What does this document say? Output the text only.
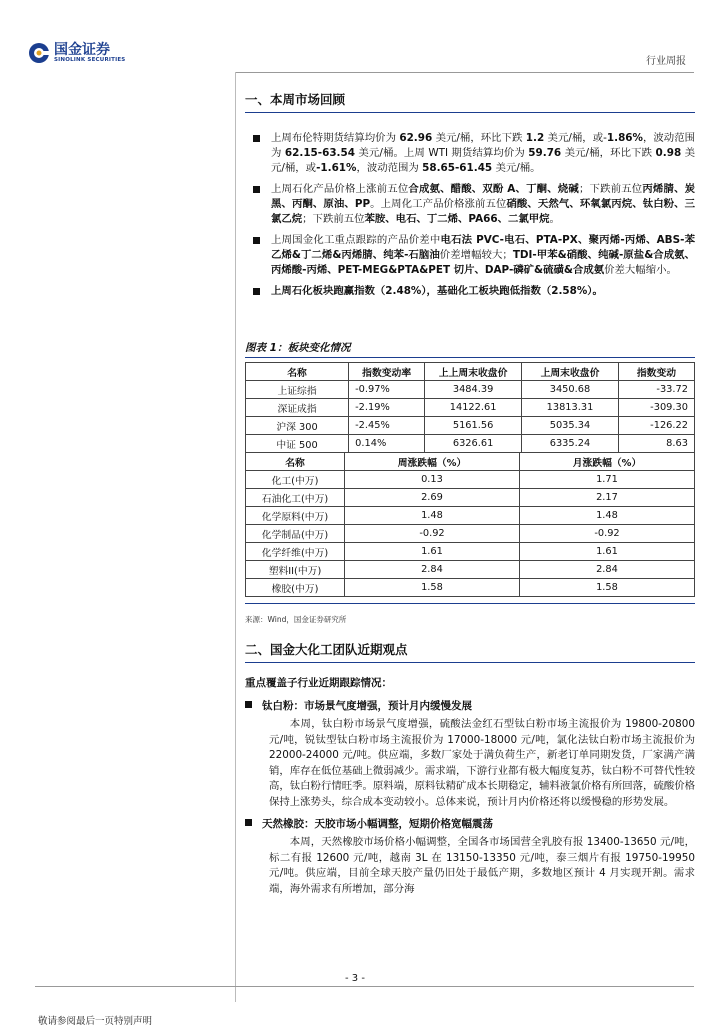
国金证券
SINOLINK SECURITIES	行业周报
一、本周市场回顾
上周布伦特期货结算均价为 62.96 美元/桶，环比下跌 1.2 美元/桶，或-1.86%，波动范围为 62.15-63.54 美元/桶。上周 WTI 期货结算均价为 59.76 美元/桶，环比下跌 0.98 美元/桶，或-1.61%，波动范围为 58.65-61.45 美元/桶。
上周石化产品价格上涨前五位合成氨、醋酸、双酚 A、丁酮、烧碱；下跌前五位丙烯腈、炭黑、丙酮、原油、PP。上周化工产品价格涨前五位硝酸、天然气、环氧氯丙烷、钛白粉、三氯乙烷；下跌前五位苯胺、电石、丁二烯、PA66、二氯甲烷。
上周国金化工重点跟踪的产品价差中电石法 PVC-电石、PTA-PX、聚丙烯-丙烯、ABS-苯乙烯&丁二烯&丙烯腈、纯苯-石脑油价差增幅较大；TDI-甲苯&硝酸、纯碱-原盐&合成氨、丙烯酸-丙烯、PET-MEG&PTA&PET 切片、DAP-磷矿&硫磺&合成氨价差大幅缩小。
上周石化板块跑赢指数（2.48%），基础化工板块跑低指数（2.58%）。
图表 1：板块变化情况
名称	指数变动率	上上周末收盘价	上周末收盘价	指数变动
上证综指	-0.97%	3484.39	3450.68	-33.72
深证成指	-2.19%	14122.61	13813.31	-309.30
沪深 300	-2.45%	5161.56	5035.34	-126.22
中证 500	0.14%	6326.61	6335.24	8.63
名称	周涨跌幅（%）	月涨跌幅（%）
化工(中万)	0.13	1.71
石油化工(中万)	2.69	2.17
化学原料(中万)	1.48	1.48
化学制品(中万)	-0.92	-0.92
化学纤维(中万)	1.61	1.61
塑料II(中万)	2.84	2.84
橡胶(中万)	1.58	1.58
来源：Wind，国金证券研究所
二、国金大化工团队近期观点
重点覆盖子行业近期跟踪情况：
钛白粉：市场景气度增强，预计月内缓慢发展

本周，钛白粉市场景气度增强，硫酸法金红石型钛白粉市场主流报价为 19800-20800 元/吨，锐钛型钛白粉市场主流报价为 17000-18000 元/吨，氯化法钛白粉市场主流报价为 22000-24000 元/吨。供应端，多数厂家处于满负荷生产，新老订单同期发货，厂家满产满销，库存在低位基础上微弱减少。需求端，下游行业都有极大幅度复苏，钛白粉不可替代性较高，钛白粉行情旺季。原料端，原料钛精矿成本长期稳定，辅料液氯价格有所回落，硫酸价格保持上涨势头，综合成本变动较小。总体来说，预计月内价格还将以缓慢稳的形势发展。

天然橡胶：天胶市场小幅调整，短期价格宽幅震荡

本周，天然橡胶市场价格小幅调整，全国各市场国营全乳胶有报 13400-13650 元/吨，标二有报 12600 元/吨，越南 3L 在 13150-13350 元/吨，泰三烟片有报 19750-19950 元/吨。供应端，目前全球天胶产量仍旧处于最低产期，多数地区预计 4 月实现开割。需求端，海外需求有所增加，部分海

- 3 -
敬请参阅最后一页特别声明
